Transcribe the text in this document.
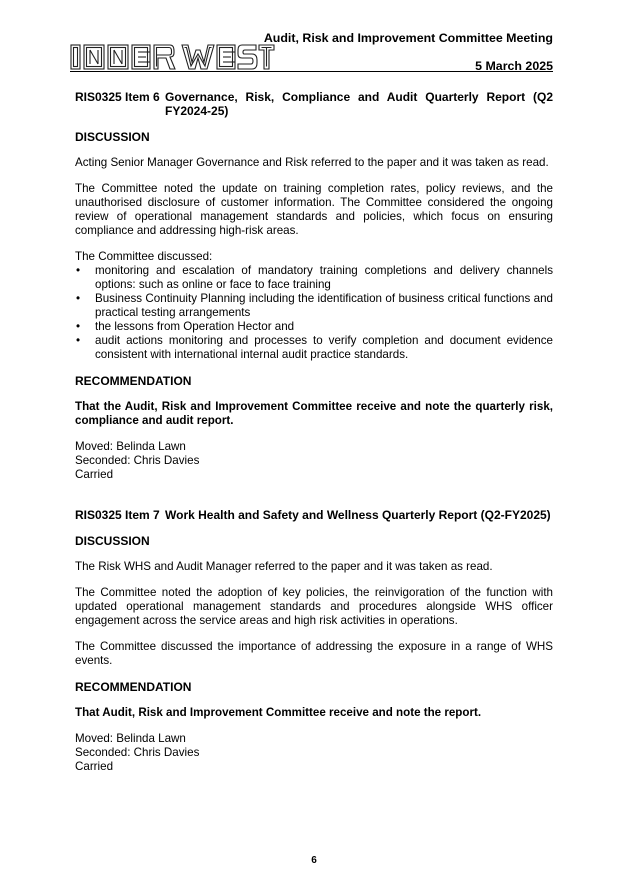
Audit, Risk and Improvement Committee Meeting
5 March 2025
RIS0325 Item 6 Governance, Risk, Compliance and Audit Quarterly Report (Q2 FY2024-25)
DISCUSSION

Acting Senior Manager Governance and Risk referred to the paper and it was taken as read.

The Committee noted the update on training completion rates, policy reviews, and the unauthorised disclosure of customer information. The Committee considered the ongoing review of operational management standards and policies, which focus on ensuring compliance and addressing high-risk areas.

The Committee discussed:

• monitoring and escalation of mandatory training completions and delivery channels options: such as online or face to face training
• Business Continuity Planning including the identification of business critical functions and practical testing arrangements
• the lessons from Operation Hector and
• audit actions monitoring and processes to verify completion and document evidence consistent with international internal audit practice standards.
RECOMMENDATION

That the Audit, Risk and Improvement Committee receive and note the quarterly risk, compliance and audit report.

Moved: Belinda Lawn
Seconded: Chris Davies
Carried
RIS0325 Item 7 Work Health and Safety and Wellness Quarterly Report (Q2-FY2025)
DISCUSSION

The Risk WHS and Audit Manager referred to the paper and it was taken as read.

The Committee noted the adoption of key policies, the reinvigoration of the function with updated operational management standards and procedures alongside WHS officer engagement across the service areas and high risk activities in operations.

The Committee discussed the importance of addressing the exposure in a range of WHS events.

RECOMMENDATION

That Audit, Risk and Improvement Committee receive and note the report.

Moved: Belinda Lawn
Seconded: Chris Davies
Carried
6
